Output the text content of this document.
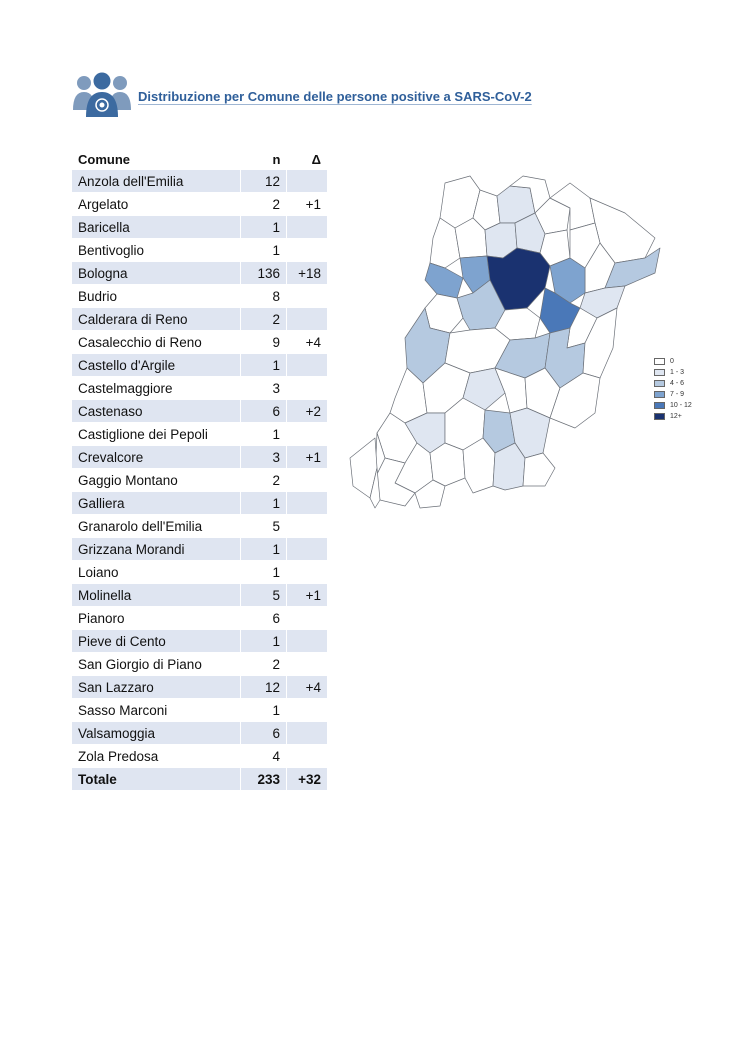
Distribuzione per Comune delle persone positive a SARS-CoV-2
Comune	n	Δ
Anzola dell'Emilia	12	
Argelato	2	+1
Baricella	1	
Bentivoglio	1	
Bologna	136	+18
Budrio	8	
Calderara di Reno	2	
Casalecchio di Reno	9	+4
Castello d'Argile	1	
Castelmaggiore	3	
Castenaso	6	+2
Castiglione dei Pepoli	1	
Crevalcore	3	+1
Gaggio Montano	2	
Galliera	1	
Granarolo dell'Emilia	5	
Grizzana Morandi	1	
Loiano	1	
Molinella	5	+1
Pianoro	6	
Pieve di Cento	1	
San Giorgio di Piano	2	
San Lazzaro	12	+4
Sasso Marconi	1	
Valsamoggia	6	
Zola Predosa	4	
Totale	233	+32
0
1 - 3
4 - 6
7 - 9
10 - 12
12+
